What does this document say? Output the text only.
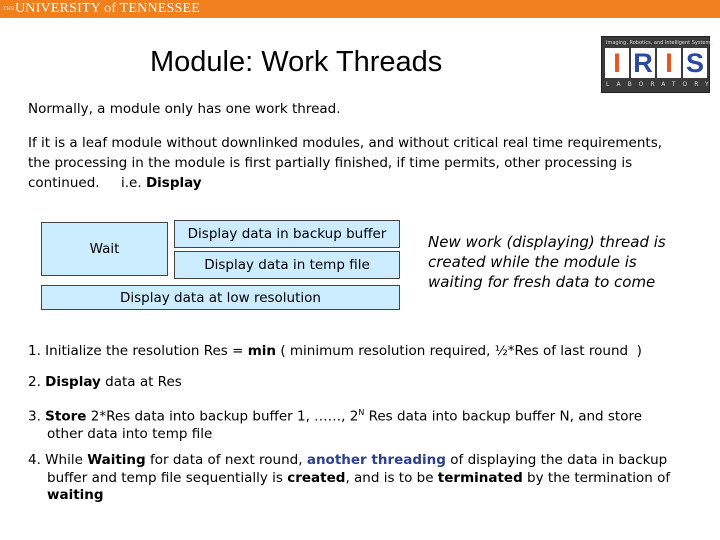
THE UNIVERSITY of TENNESSEE
Module: Work Threads
Imaging, Robotics, and Intelligent Systems
I R I S
LABORATORY
Normally, a module only has one work thread.
If it is a leaf module without downlinked modules, and without critical real time requirements,
the processing in the module is first partially finished, if time permits, other processing is
continued.     i.e. Display
Wait
Display data in backup buffer
Display data in temp file
Display data at low resolution
New work (displaying) thread is
created while the module is
waiting for fresh data to come
1. Initialize the resolution Res = min ( minimum resolution required, ½*Res of last round  )
2. Display data at Res
3. Store 2*Res data into backup buffer 1, ……, $2^N$ Res data into backup buffer N, and store
other data into temp file
4. While Waiting for data of next round, another threading of displaying the data in backup
buffer and temp file sequentially is created, and is to be terminated by the termination of
waiting
